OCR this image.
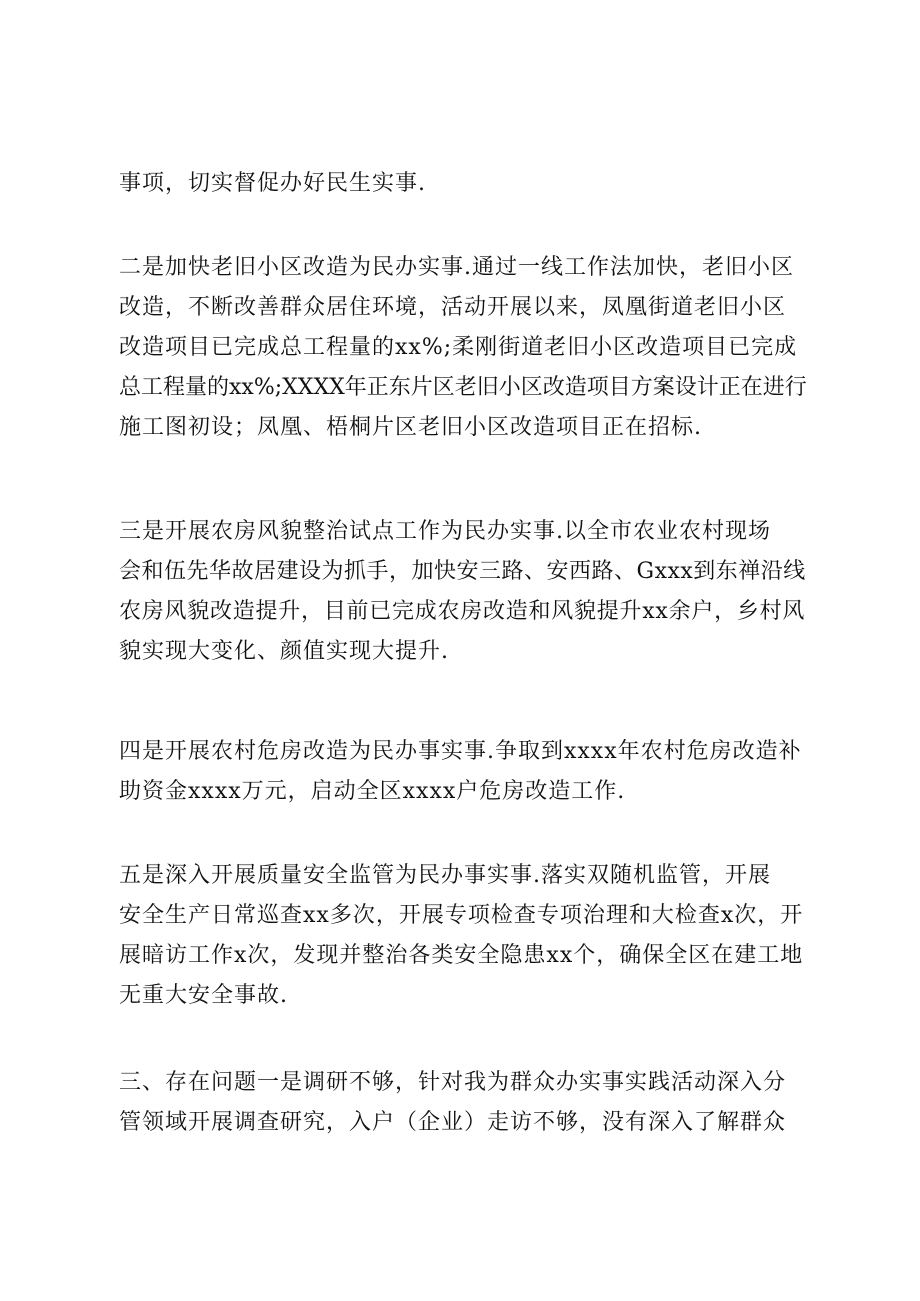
事项，切实督促办好民生实事.

二是加快老旧小区改造为民办实事.通过一线工作法加快，老旧小区
改造，不断改善群众居住环境，活动开展以来，凤凰街道老旧小区
改造项目已完成总工程量的xx%;柔刚街道老旧小区改造项目已完成
总工程量的xx%;XXXX年正东片区老旧小区改造项目方案设计正在进行
施工图初设；凤凰、梧桐片区老旧小区改造项目正在招标.

三是开展农房风貌整治试点工作为民办实事.以全市农业农村现场
会和伍先华故居建设为抓手，加快安三路、安西路、Gxxx到东禅沿线
农房风貌改造提升，目前已完成农房改造和风貌提升xx余户，乡村风
貌实现大变化、颜值实现大提升.

四是开展农村危房改造为民办事实事.争取到xxxx年农村危房改造补
助资金xxxx万元，启动全区xxxx户危房改造工作.

五是深入开展质量安全监管为民办事实事.落实双随机监管，开展
安全生产日常巡查xx多次，开展专项检查专项治理和大检查x次，开
展暗访工作x次，发现并整治各类安全隐患xx个，确保全区在建工地
无重大安全事故.

三、存在问题一是调研不够，针对我为群众办实事实践活动深入分
管领域开展调查研究，入户（企业）走访不够，没有深入了解群众
